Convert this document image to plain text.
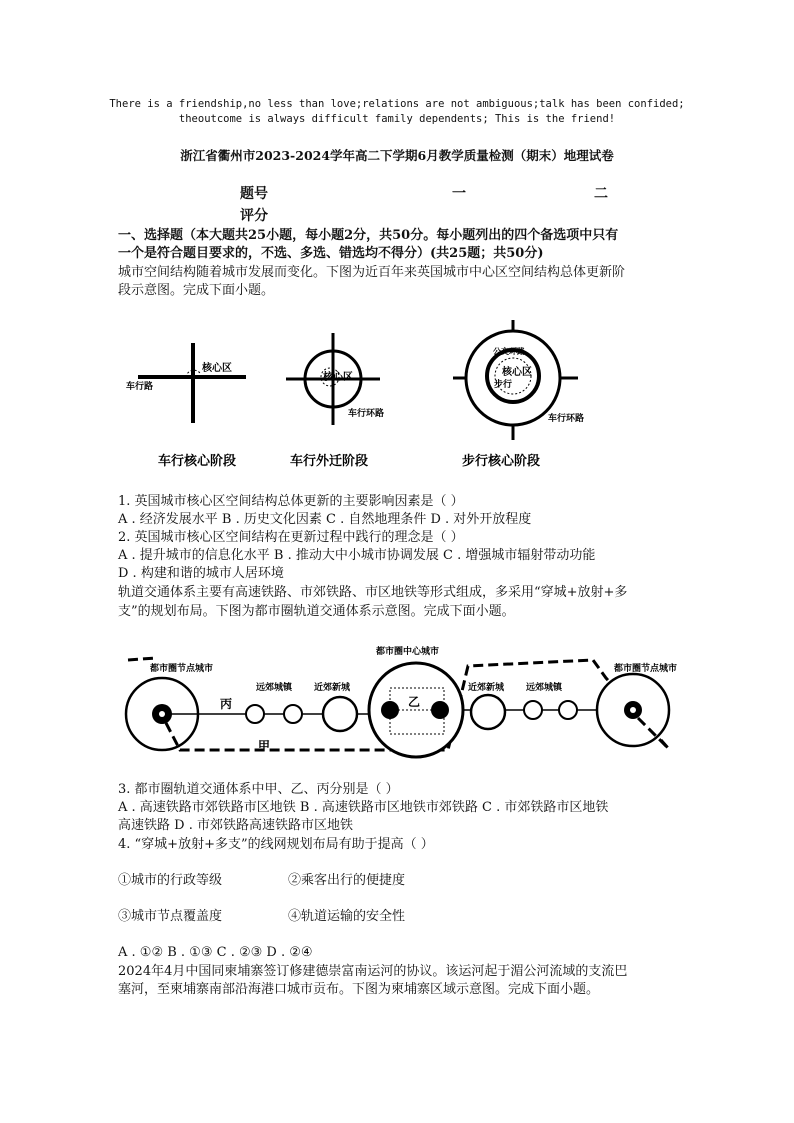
There is a friendship,no less than love;relations are not ambiguous;talk has been confided;
theoutcome is always difficult family dependents; This is the friend!
浙江省衢州市2023-2024学年高二下学期6月教学质量检测（期末）地理试卷
题号	一	二
评分
一、选择题（本大题共25小题，每小题2分，共50分。每小题列出的四个备选项中只有
一个是符合题目要求的，不选、多选、错选均不得分）(共25题；共50分)
城市空间结构随着城市发展而变化。下图为近百年来英国城市中心区空间结构总体更新阶
段示意图。完成下面小题。
核心区
车行路
核心区
车行环路
公交环路
核心区
步行
车行环路
车行核心阶段	车行外迁阶段	步行核心阶段
1. 英国城市核心区空间结构总体更新的主要影响因素是（ ）
A . 经济发展水平 B . 历史文化因素 C . 自然地理条件 D . 对外开放程度
2. 英国城市核心区空间结构在更新过程中践行的理念是（ ）
A . 提升城市的信息化水平 B . 推动大中小城市协调发展 C . 增强城市辐射带动功能
D . 构建和谐的城市人居环境
轨道交通体系主要有高速铁路、市郊铁路、市区地铁等形式组成，多采用“穿城+放射+多
支”的规划布局。下图为都市圈轨道交通体系示意图。完成下面小题。
都市圈节点城市
都市圈中心城市
都市圈节点城市
远郊城镇 近郊新城	近郊新城 远郊城镇
丙	乙
甲
3. 都市圈轨道交通体系中甲、乙、丙分别是（ ）
A . 高速铁路市郊铁路市区地铁 B . 高速铁路市区地铁市郊铁路 C . 市郊铁路市区地铁
高速铁路 D . 市郊铁路高速铁路市区地铁
4. “穿城+放射+多支”的线网规划布局有助于提高（ ）
①城市的行政等级	②乘客出行的便捷度
③城市节点覆盖度	④轨道运输的安全性
A . ①② B . ①③ C . ②③ D . ②④
2024年4月中国同柬埔寨签订修建德崇富南运河的协议。该运河起于湄公河流域的支流巴
塞河，至柬埔寨南部沿海港口城市贡布。下图为柬埔寨区域示意图。完成下面小题。
